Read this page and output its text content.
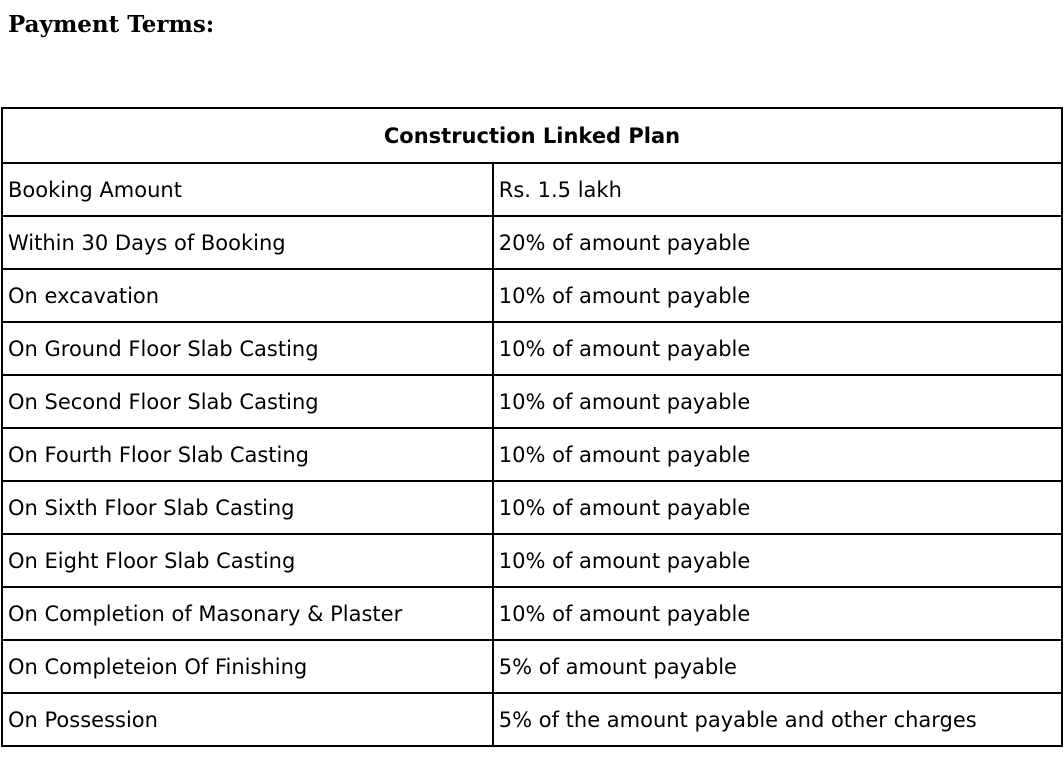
Payment Terms:
Construction Linked Plan	
Booking Amount	Rs. 1.5 lakh
Within 30 Days of Booking	20% of amount payable
On excavation	10% of amount payable
On Ground Floor Slab Casting	10% of amount payable
On Second Floor Slab Casting	10% of amount payable
On Fourth Floor Slab Casting	10% of amount payable
On Sixth Floor Slab Casting	10% of amount payable
On Eight Floor Slab Casting	10% of amount payable
On Completion of Masonary & Plaster	10% of amount payable
On Completeion Of Finishing	5% of amount payable
On Possession	5% of the amount payable and other charges
